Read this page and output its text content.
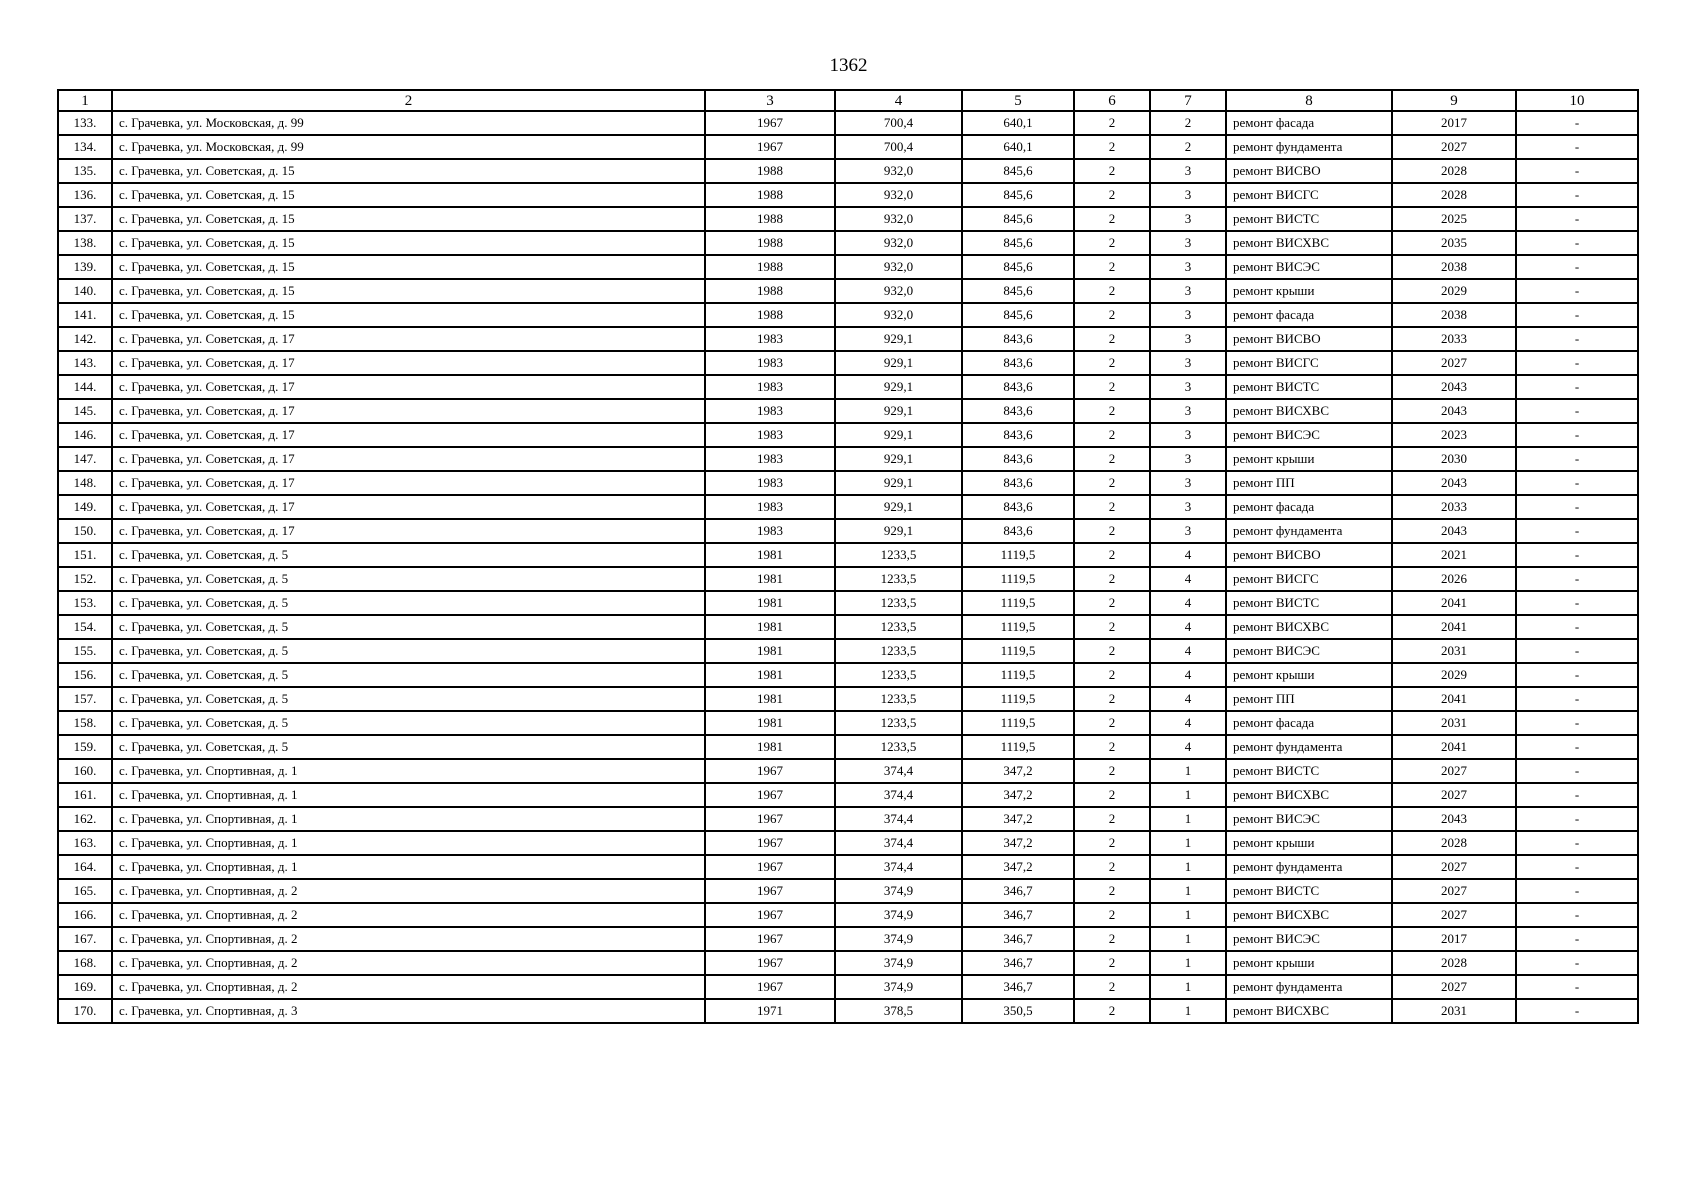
1362
1	2	3	4	5	6	7	8	9	10
133.	с. Грачевка, ул. Московская, д. 99	1967	700,4	640,1	2	2	ремонт фасада	2017	-
134.	с. Грачевка, ул. Московская, д. 99	1967	700,4	640,1	2	2	ремонт фундамента	2027	-
135.	с. Грачевка, ул. Советская, д. 15	1988	932,0	845,6	2	3	ремонт ВИСВО	2028	-
136.	с. Грачевка, ул. Советская, д. 15	1988	932,0	845,6	2	3	ремонт ВИСГС	2028	-
137.	с. Грачевка, ул. Советская, д. 15	1988	932,0	845,6	2	3	ремонт ВИСТС	2025	-
138.	с. Грачевка, ул. Советская, д. 15	1988	932,0	845,6	2	3	ремонт ВИСХВС	2035	-
139.	с. Грачевка, ул. Советская, д. 15	1988	932,0	845,6	2	3	ремонт ВИСЭС	2038	-
140.	с. Грачевка, ул. Советская, д. 15	1988	932,0	845,6	2	3	ремонт крыши	2029	-
141.	с. Грачевка, ул. Советская, д. 15	1988	932,0	845,6	2	3	ремонт фасада	2038	-
142.	с. Грачевка, ул. Советская, д. 17	1983	929,1	843,6	2	3	ремонт ВИСВО	2033	-
143.	с. Грачевка, ул. Советская, д. 17	1983	929,1	843,6	2	3	ремонт ВИСГС	2027	-
144.	с. Грачевка, ул. Советская, д. 17	1983	929,1	843,6	2	3	ремонт ВИСТС	2043	-
145.	с. Грачевка, ул. Советская, д. 17	1983	929,1	843,6	2	3	ремонт ВИСХВС	2043	-
146.	с. Грачевка, ул. Советская, д. 17	1983	929,1	843,6	2	3	ремонт ВИСЭС	2023	-
147.	с. Грачевка, ул. Советская, д. 17	1983	929,1	843,6	2	3	ремонт крыши	2030	-
148.	с. Грачевка, ул. Советская, д. 17	1983	929,1	843,6	2	3	ремонт ПП	2043	-
149.	с. Грачевка, ул. Советская, д. 17	1983	929,1	843,6	2	3	ремонт фасада	2033	-
150.	с. Грачевка, ул. Советская, д. 17	1983	929,1	843,6	2	3	ремонт фундамента	2043	-
151.	с. Грачевка, ул. Советская, д. 5	1981	1233,5	1119,5	2	4	ремонт ВИСВО	2021	-
152.	с. Грачевка, ул. Советская, д. 5	1981	1233,5	1119,5	2	4	ремонт ВИСГС	2026	-
153.	с. Грачевка, ул. Советская, д. 5	1981	1233,5	1119,5	2	4	ремонт ВИСТС	2041	-
154.	с. Грачевка, ул. Советская, д. 5	1981	1233,5	1119,5	2	4	ремонт ВИСХВС	2041	-
155.	с. Грачевка, ул. Советская, д. 5	1981	1233,5	1119,5	2	4	ремонт ВИСЭС	2031	-
156.	с. Грачевка, ул. Советская, д. 5	1981	1233,5	1119,5	2	4	ремонт крыши	2029	-
157.	с. Грачевка, ул. Советская, д. 5	1981	1233,5	1119,5	2	4	ремонт ПП	2041	-
158.	с. Грачевка, ул. Советская, д. 5	1981	1233,5	1119,5	2	4	ремонт фасада	2031	-
159.	с. Грачевка, ул. Советская, д. 5	1981	1233,5	1119,5	2	4	ремонт фундамента	2041	-
160.	с. Грачевка, ул. Спортивная, д. 1	1967	374,4	347,2	2	1	ремонт ВИСТС	2027	-
161.	с. Грачевка, ул. Спортивная, д. 1	1967	374,4	347,2	2	1	ремонт ВИСХВС	2027	-
162.	с. Грачевка, ул. Спортивная, д. 1	1967	374,4	347,2	2	1	ремонт ВИСЭС	2043	-
163.	с. Грачевка, ул. Спортивная, д. 1	1967	374,4	347,2	2	1	ремонт крыши	2028	-
164.	с. Грачевка, ул. Спортивная, д. 1	1967	374,4	347,2	2	1	ремонт фундамента	2027	-
165.	с. Грачевка, ул. Спортивная, д. 2	1967	374,9	346,7	2	1	ремонт ВИСТС	2027	-
166.	с. Грачевка, ул. Спортивная, д. 2	1967	374,9	346,7	2	1	ремонт ВИСХВС	2027	-
167.	с. Грачевка, ул. Спортивная, д. 2	1967	374,9	346,7	2	1	ремонт ВИСЭС	2017	-
168.	с. Грачевка, ул. Спортивная, д. 2	1967	374,9	346,7	2	1	ремонт крыши	2028	-
169.	с. Грачевка, ул. Спортивная, д. 2	1967	374,9	346,7	2	1	ремонт фундамента	2027	-
170.	с. Грачевка, ул. Спортивная, д. 3	1971	378,5	350,5	2	1	ремонт ВИСХВС	2031	-
